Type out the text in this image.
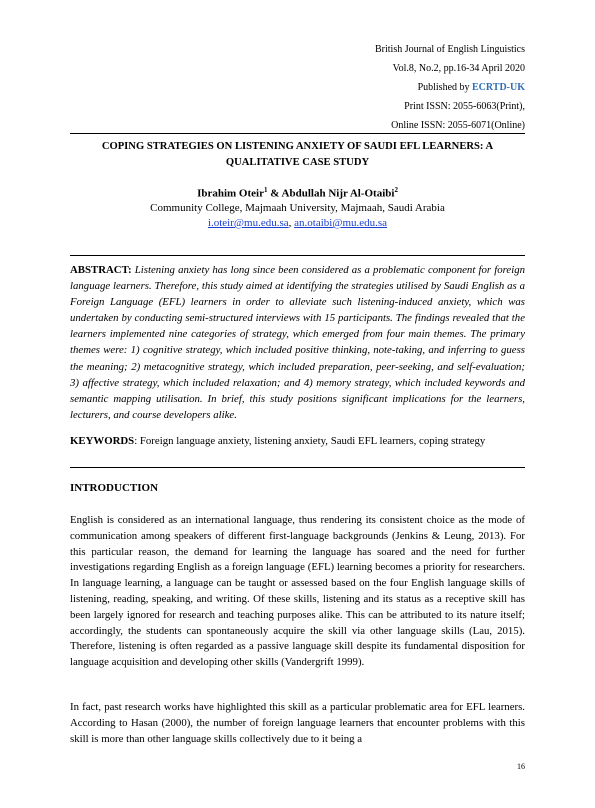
British Journal of English Linguistics
Vol.8, No.2, pp.16-34 April 2020
Published by ECRTD-UK
Print ISSN: 2055-6063(Print),
Online ISSN: 2055-6071(Online)
COPING STRATEGIES ON LISTENING ANXIETY OF SAUDI EFL LEARNERS: A QUALITATIVE CASE STUDY
Ibrahim Oteir$^1$ & Abdullah Nijr Al-Otaibi$^2$
Community College, Majmaah University, Majmaah, Saudi Arabia
i.oteir@mu.edu.sa, an.otaibi@mu.edu.sa
ABSTRACT: Listening anxiety has long since been considered as a problematic component for foreign language learners. Therefore, this study aimed at identifying the strategies utilised by Saudi English as a Foreign Language (EFL) learners in order to alleviate such listening-induced anxiety, which was undertaken by conducting semi-structured interviews with 15 participants. The findings revealed that the learners implemented nine categories of strategy, which emerged from four main themes. The primary themes were: 1) cognitive strategy, which included positive thinking, note-taking, and inferring to guess the meaning; 2) metacognitive strategy, which included preparation, peer-seeking, and self-evaluation; 3) affective strategy, which included relaxation; and 4) memory strategy, which included keywords and semantic mapping utilisation. In brief, this study positions significant implications for the learners, lecturers, and course developers alike.
KEYWORDS: Foreign language anxiety, listening anxiety, Saudi EFL learners, coping strategy
INTRODUCTION
English is considered as an international language, thus rendering its consistent choice as the mode of communication among speakers of different first-language backgrounds (Jenkins & Leung, 2013). For this particular reason, the demand for learning the language has soared and the need for further investigations regarding English as a foreign language (EFL) learning becomes a priority for researchers. In language learning, a language can be taught or assessed based on the four English language skills of listening, reading, speaking, and writing. Of these skills, listening and its status as a receptive skill has been largely ignored for research and teaching purposes alike. This can be attributed to its nature itself; accordingly, the students can spontaneously acquire the skill via other language skills (Lau, 2015). Therefore, listening is often regarded as a passive language skill despite its fundamental disposition for language acquisition and developing other skills (Vandergrift 1999).
In fact, past research works have highlighted this skill as a particular problematic area for EFL learners. According to Hasan (2000), the number of foreign language learners that encounter problems with this skill is more than other language skills collectively due to it being a
16
